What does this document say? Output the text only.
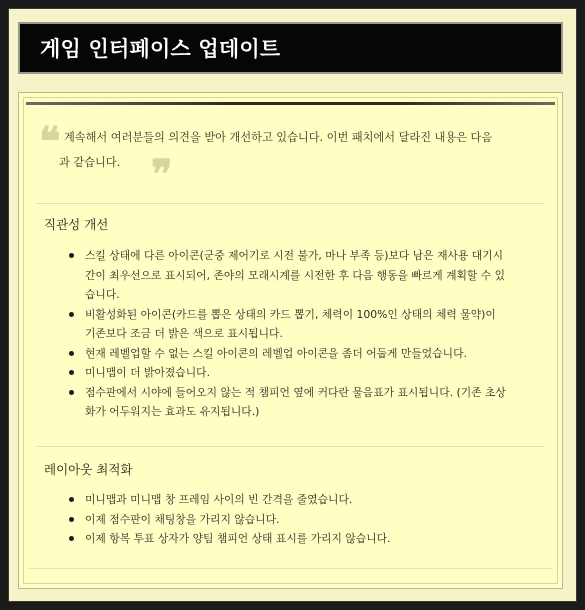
게임 인터페이스 업데이트
❝ 계속해서 여러분들의 의견을 받아 개선하고 있습니다. 이번 패치에서 달라진 내용은 다음
과 같습니다. ❞
직관성 개선
스킬 상태에 다른 아이콘(군중 제어기로 시전 불가, 마나 부족 등)보다 남은 재사용 대기시
간이 최우선으로 표시되어, 존야의 모래시계를 시전한 후 다음 행동을 빠르게 계획할 수 있
습니다.
비활성화된 아이콘(카드를 뽑은 상태의 카드 뽑기, 체력이 100%인 상태의 체력 물약)이
기존보다 조금 더 밝은 색으로 표시됩니다.
현재 레벨업할 수 없는 스킬 아이콘의 레벨업 아이콘을 좀더 어둡게 만들었습니다.
미니맵이 더 밝아졌습니다.
점수판에서 시야에 들어오지 않는 적 챔피언 옆에 커다란 물음표가 표시됩니다. (기존 초상
화가 어두워지는 효과도 유지됩니다.)
레이아웃 최적화
미니맵과 미니맵 창 프레임 사이의 빈 간격을 줄였습니다.
이제 점수판이 채팅창을 가리지 않습니다.
이제 항복 투표 상자가 양팀 챔피언 상태 표시를 가리지 않습니다.
